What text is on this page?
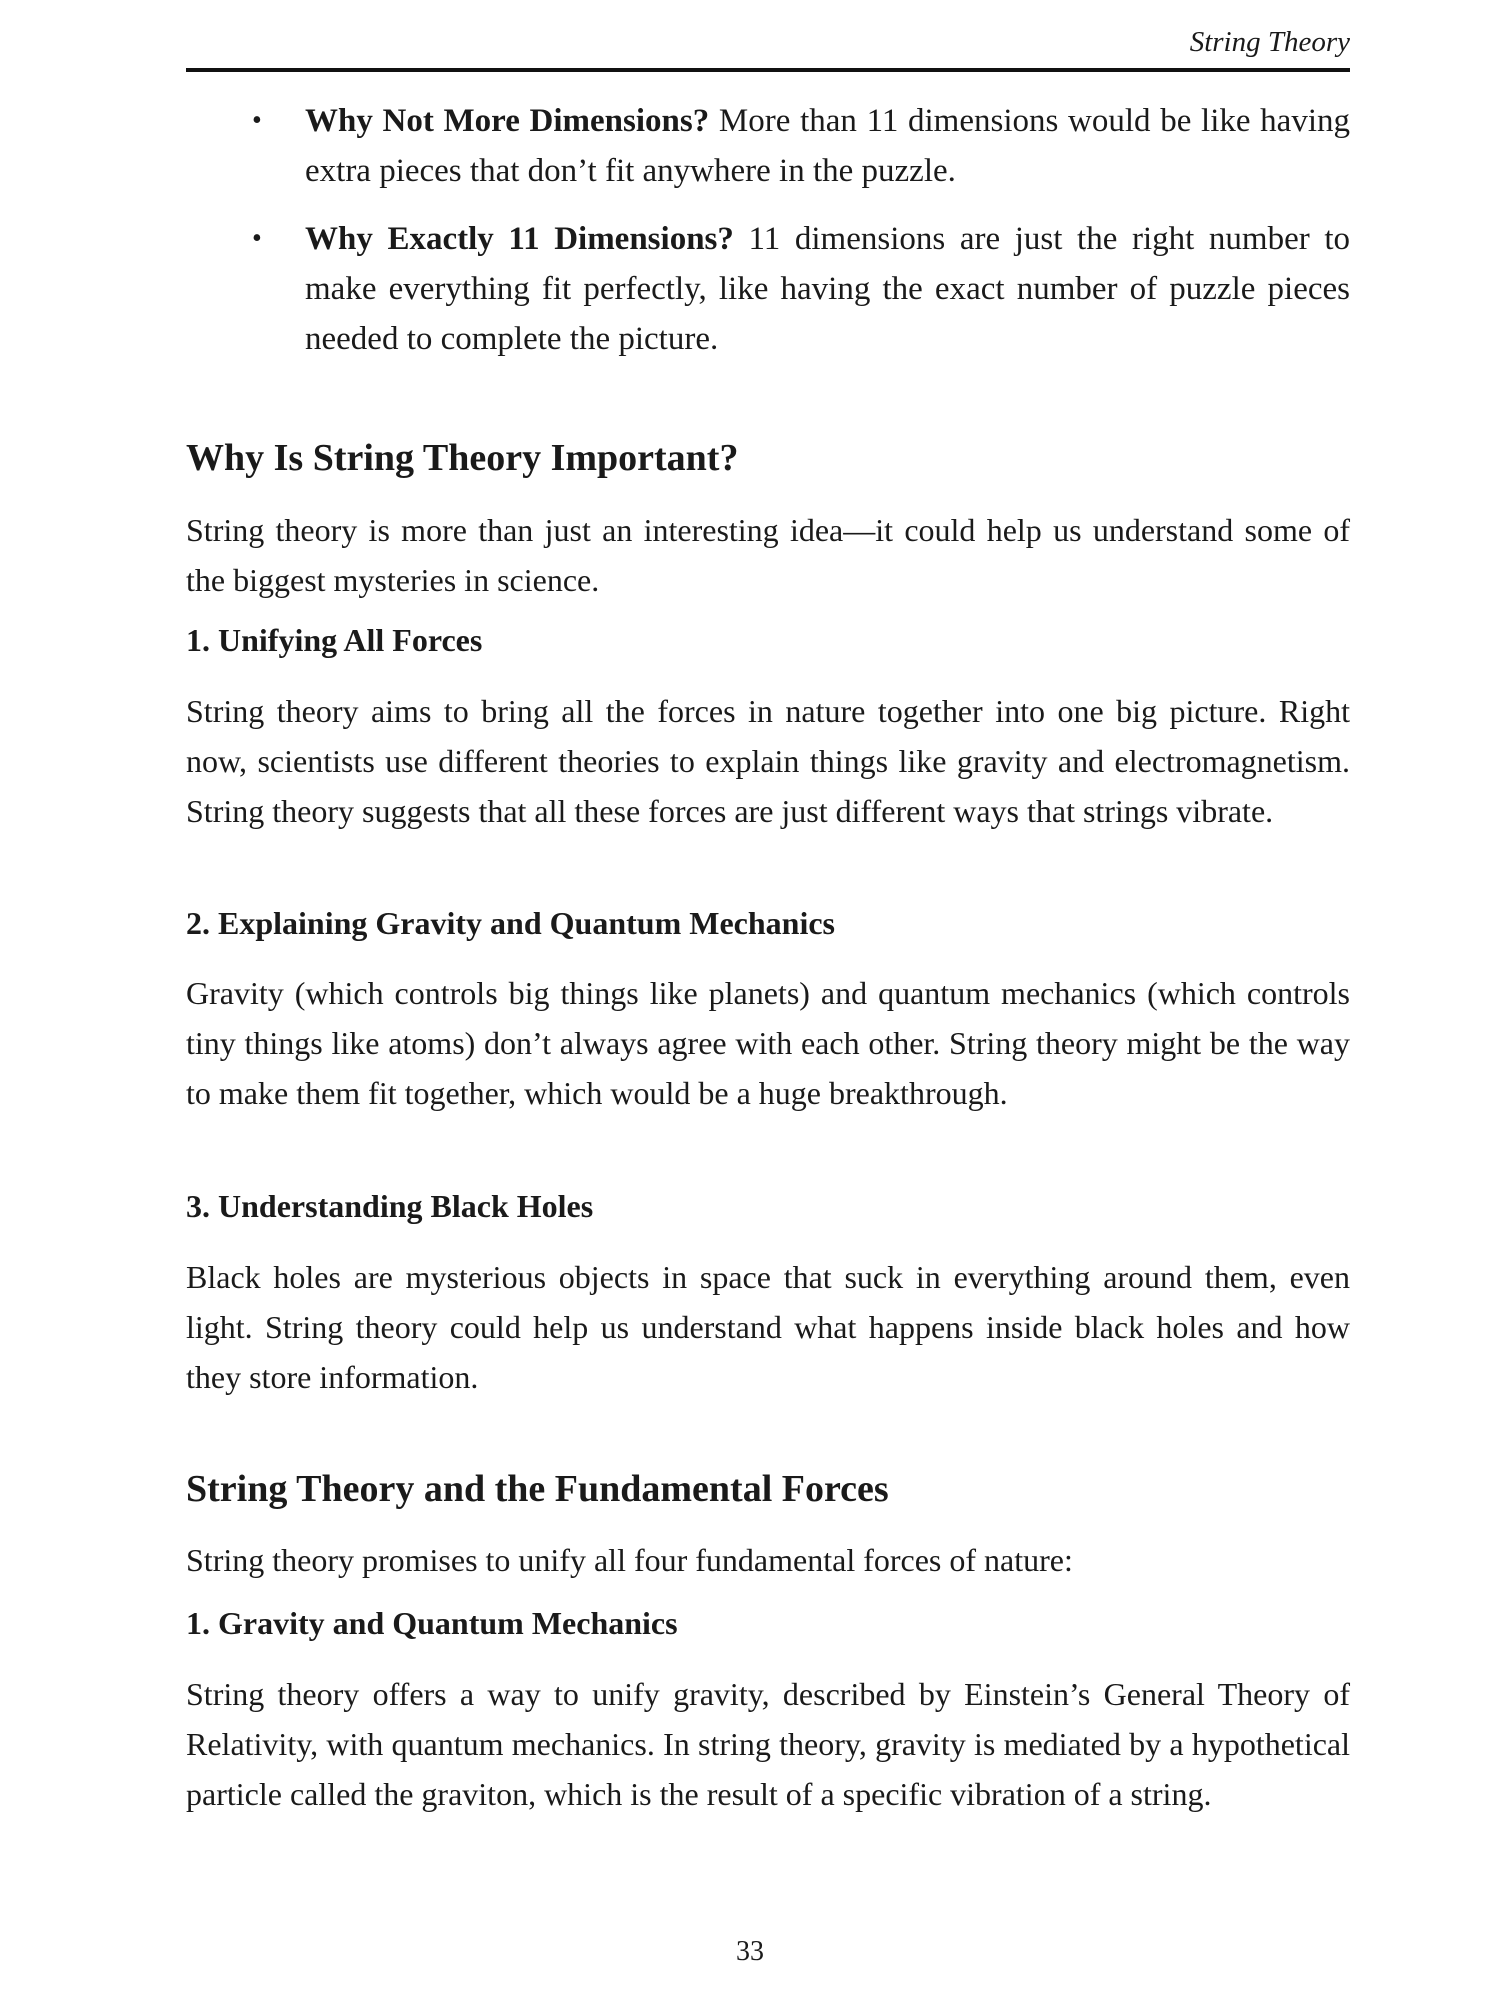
String Theory
• Why Not More Dimensions? More than 11 dimensions would be like having extra pieces that don’t fit anywhere in the puzzle.
• Why Exactly 11 Dimensions? 11 dimensions are just the right number to make everything fit perfectly, like having the exact number of puzzle pieces needed to complete the picture.
Why Is String Theory Important?

String theory is more than just an interesting idea—it could help us understand some of the biggest mysteries in science.

1. Unifying All Forces

String theory aims to bring all the forces in nature together into one big picture. Right now, scientists use different theories to explain things like gravity and electromagnetism. String theory suggests that all these forces are just different ways that strings vibrate.

2. Explaining Gravity and Quantum Mechanics

Gravity (which controls big things like planets) and quantum mechanics (which controls tiny things like atoms) don’t always agree with each other. String theory might be the way to make them fit together, which would be a huge breakthrough.

3. Understanding Black Holes

Black holes are mysterious objects in space that suck in everything around them, even light. String theory could help us understand what happens inside black holes and how they store information.

String Theory and the Fundamental Forces

String theory promises to unify all four fundamental forces of nature:

1. Gravity and Quantum Mechanics

String theory offers a way to unify gravity, described by Einstein’s General Theory of Relativity, with quantum mechanics. In string theory, gravity is mediated by a hypothetical particle called the graviton, which is the result of a specific vibration of a string.

33
